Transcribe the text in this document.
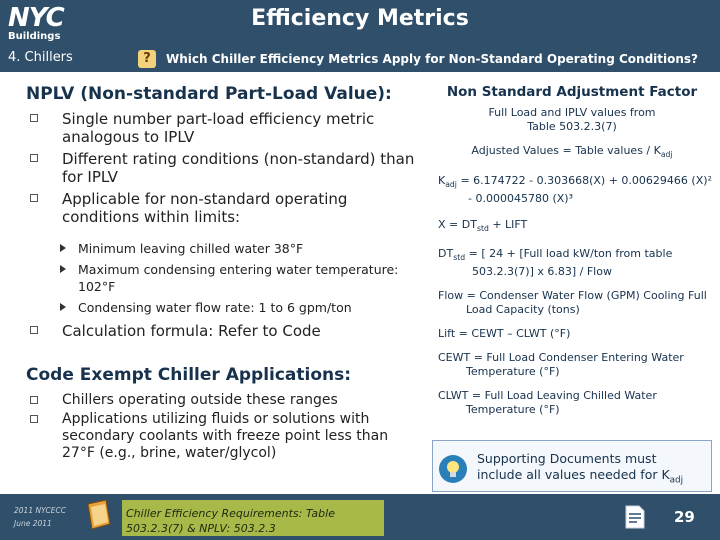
NYC
Buildings
Efficiency Metrics
4. Chillers	?	Which Chiller Efficiency Metrics Apply for Non-Standard Operating Conditions?
NPLV (Non-standard Part-Load Value):
Single number part-load efficiency metric analogous to IPLV
Different rating conditions (non-standard) than for IPLV
Applicable for non-standard operating conditions within limits:
Minimum leaving chilled water 38°F
Maximum condensing entering water temperature: 102°F
Condensing water flow rate: 1 to 6 gpm/ton
Calculation formula: Refer to Code
Code Exempt Chiller Applications:
Chillers operating outside these ranges
Applications utilizing fluids or solutions with secondary coolants with freeze point less than 27°F (e.g., brine, water/glycol)
Non Standard Adjustment Factor
Full Load and IPLV values from Table 503.2.3(7)
Adjusted Values = Table values / $K_{adj}$
$K_{adj} = 6.174722 - 0.303668(X) + 0.00629466$ (X)² - 0.000045780 (X)³
$X = DT_{std}$ + LIFT
$DT_{std}$ = [ 24 + [Full load kW/ton from table 503.2.3(7)] x 6.83] / Flow
Flow = Condenser Water Flow (GPM) Cooling Full Load Capacity (tons)
Lift = CEWT – CLWT (°F)
CEWT = Full Load Condenser Entering Water Temperature (°F)
CLWT = Full Load Leaving Chilled Water Temperature (°F)
Supporting Documents must include all values needed for $K_{adj}$
2011 NYCECC
June 2011
Chiller Efficiency Requirements: Table 503.2.3(7) & NPLV: 503.2.3
29
